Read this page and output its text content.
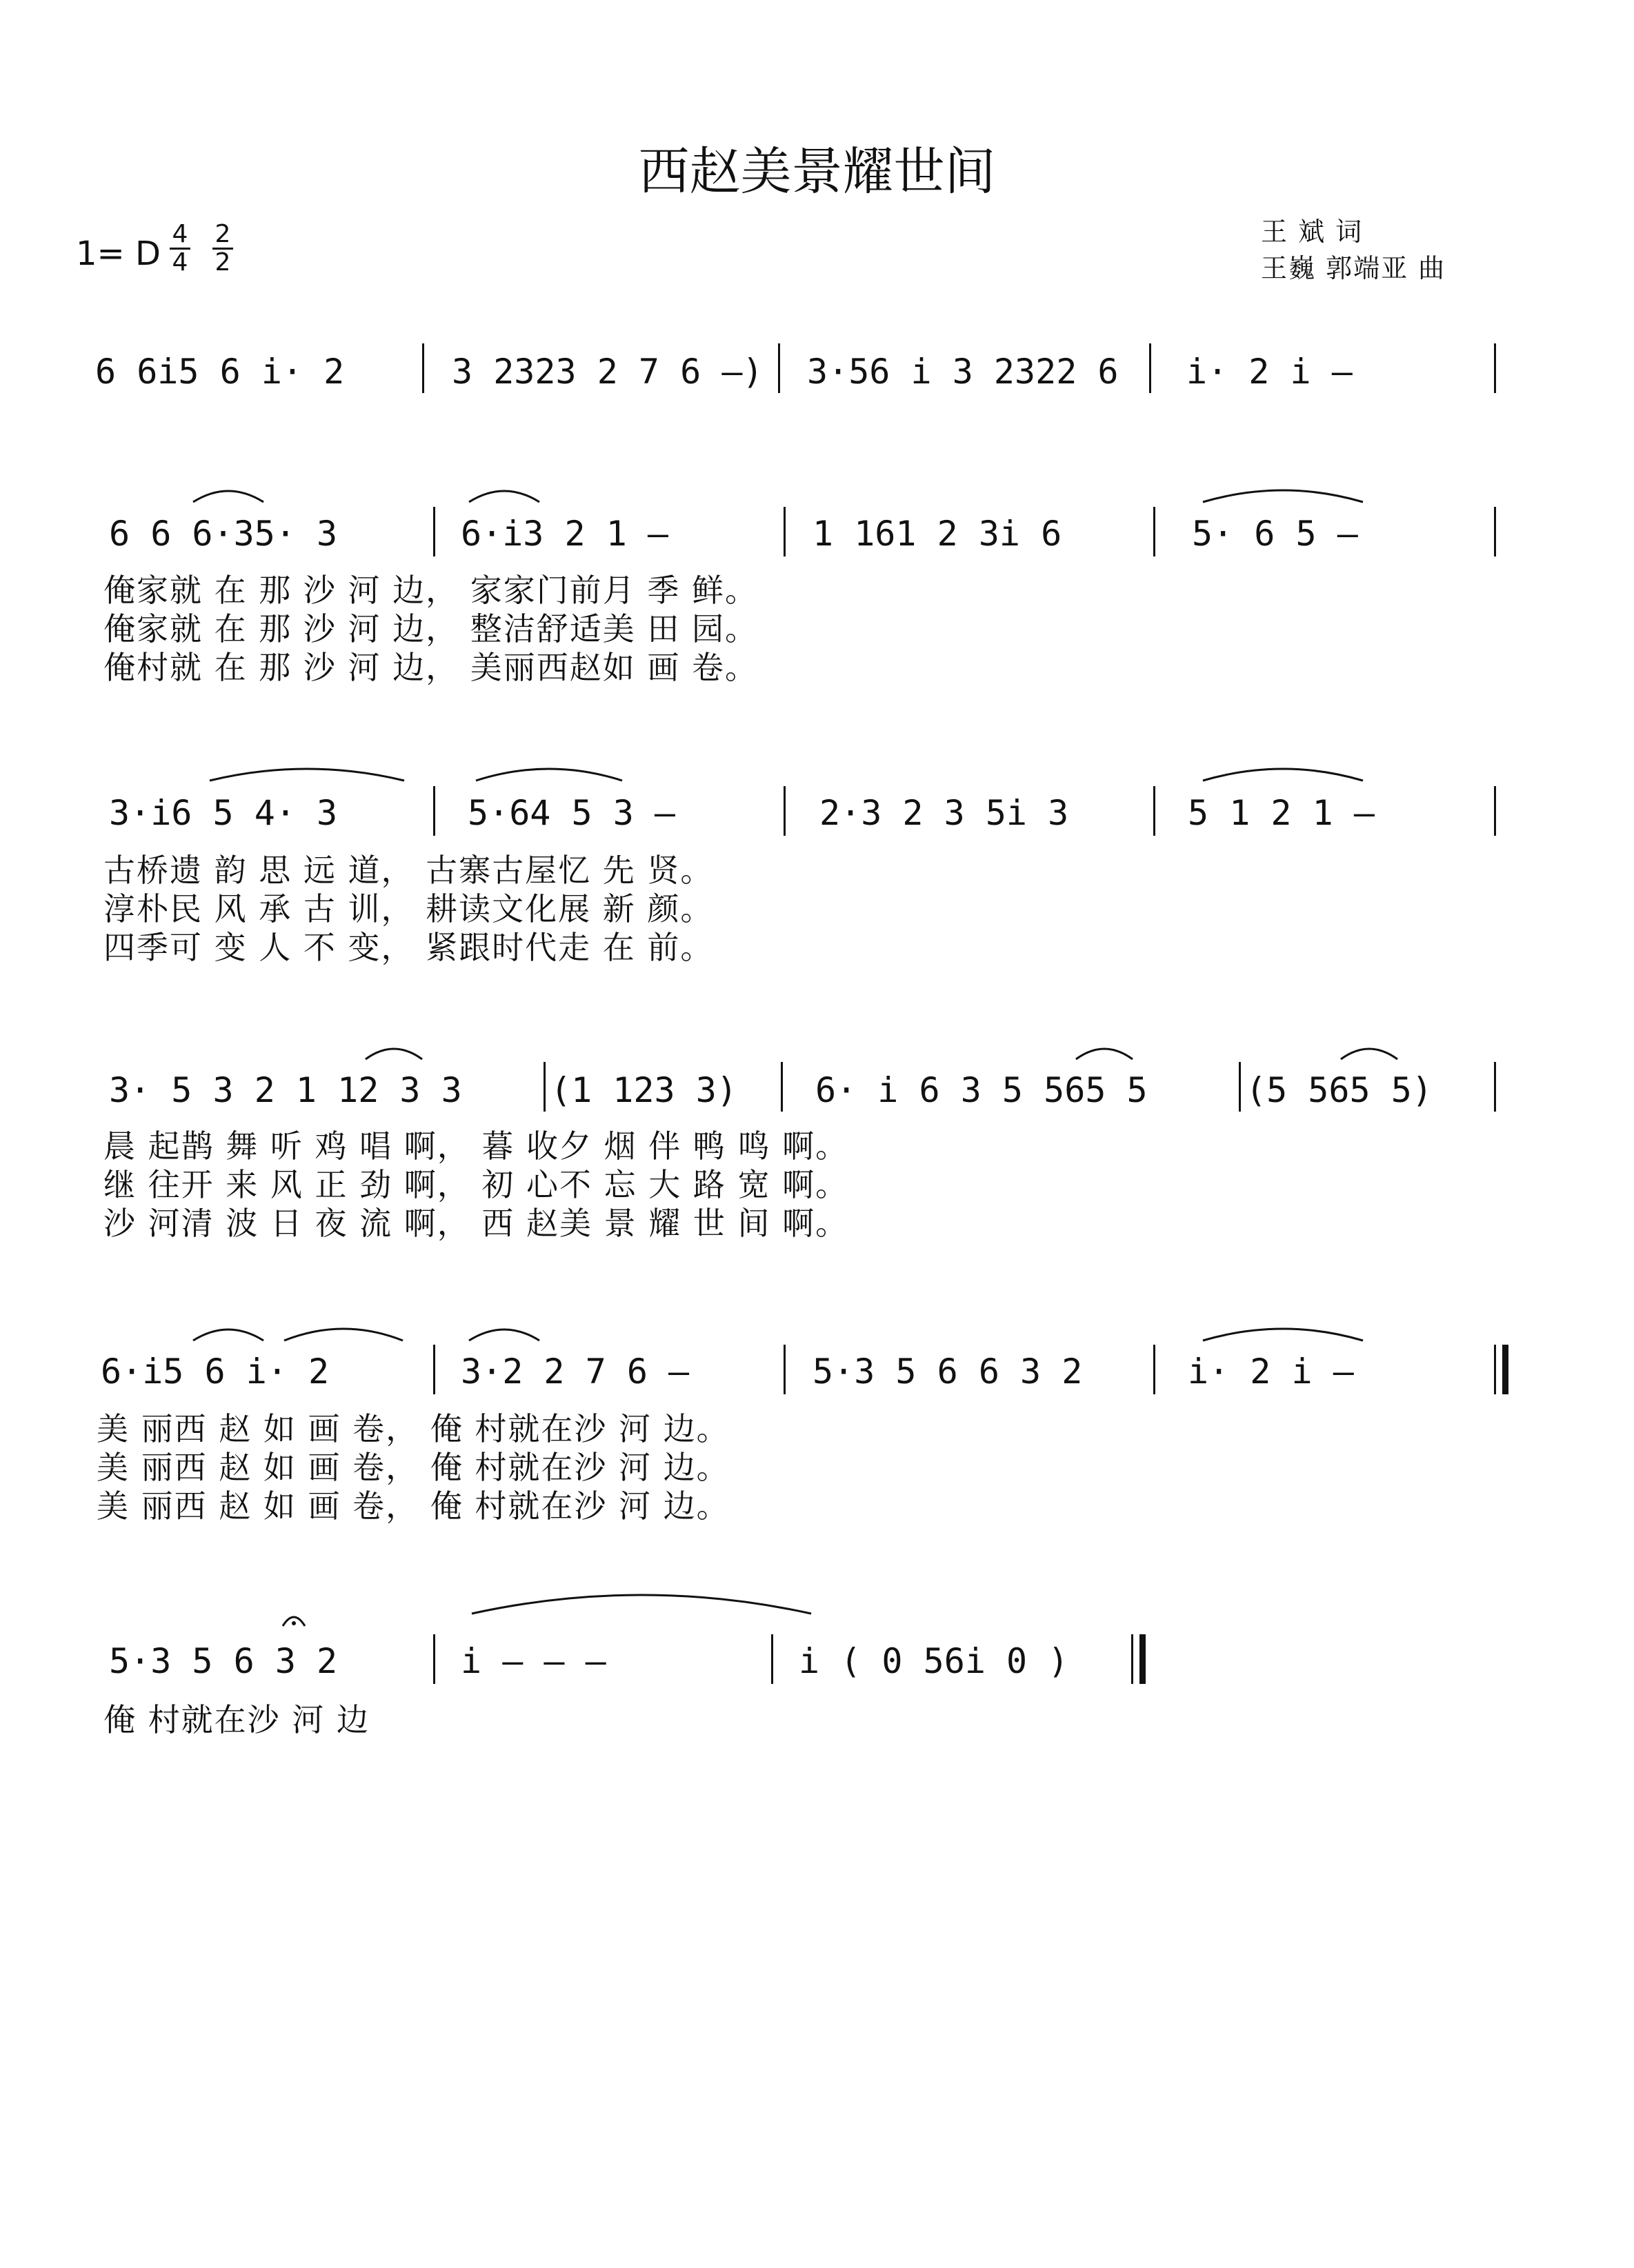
西赵美景耀世间
王 斌 词
王巍 郭端亚 曲
1= D
4
4
2
2
6 6i5 6 i· 2	3 2323 2 7 6 —) 3·56 i 3 2322 6 i· 2 i —
6 6 6·35· 3	6·i3 2 1 —	1 161 2 3i 6	5· 6 5 —
俺家就 在 那 沙 河 边， 家家门前月 季 鲜。
俺家就 在 那 沙 河 边， 整洁舒适美 田 园。
俺村就 在 那 沙 河 边， 美丽西赵如 画 卷。
3·i6 5 4· 3	5·64 5 3 —	2·3 2 3 5i 3	5 1 2 1 —
古桥遗 韵 思 远 道， 古寨古屋忆 先 贤。
淳朴民 风 承 古 训， 耕读文化展 新 颜。
四季可 变 人 不 变， 紧跟时代走 在 前。
3· 5 3 2 1 12 3 3	(1 123 3) 6· i 6 3 5 565 5	(5 565 5)
晨 起鹊 舞 听 鸡 唱 啊， 暮 收夕 烟 伴 鸭 鸣 啊。
继 往开 来 风 正 劲 啊， 初 心不 忘 大 路 宽 啊。
沙 河清 波 日 夜 流 啊， 西 赵美 景 耀 世 间 啊。
6·i5 6 i· 2	3·2 2 7 6 —	5·3 5 6 6 3 2	i· 2 i —
美 丽西 赵 如 画 卷， 俺 村就在沙 河 边。
美 丽西 赵 如 画 卷， 俺 村就在沙 河 边。
美 丽西 赵 如 画 卷， 俺 村就在沙 河 边。
5·3 5 6 3 2	i — — —	i ( 0 56i 0 )
俺 村就在沙 河 边
